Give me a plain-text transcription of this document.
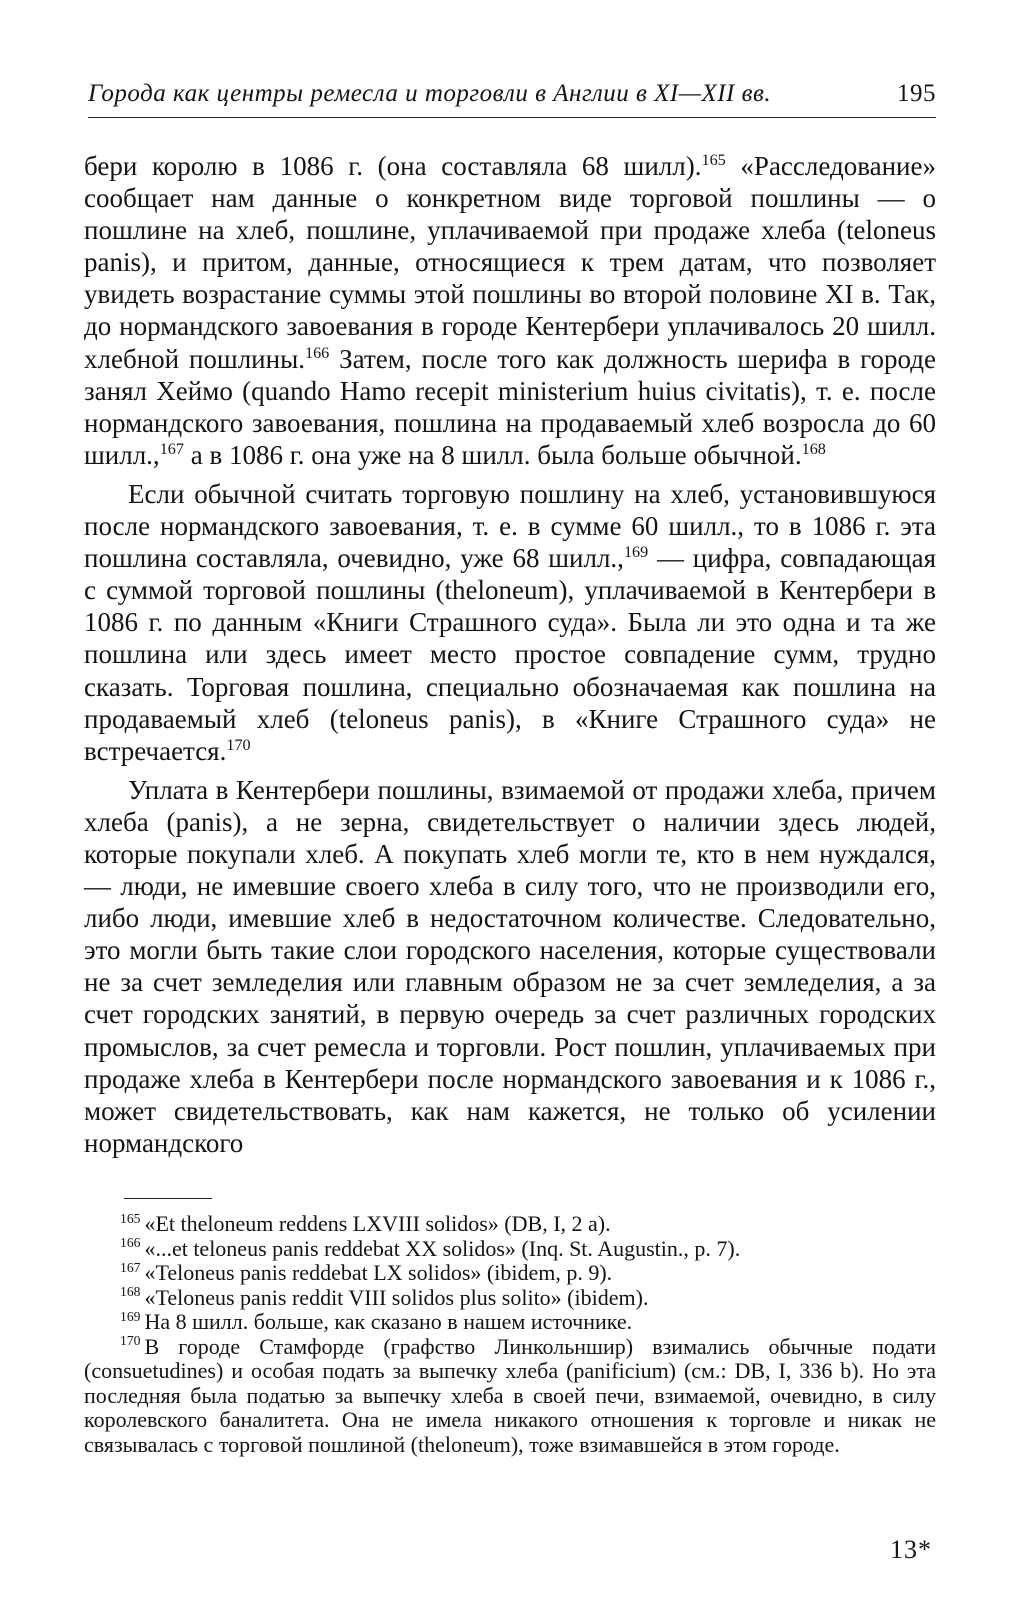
Города как центры ремесла и торговли в Англии в XI—XII вв.	195

бери королю в 1086 г. (она составляла 68 шилл).$^{165}$ «Расследование» сообщает нам данные о конкретном виде торговой пошлины — о пошлине на хлеб, пошлине, уплачиваемой при продаже хлеба (teloneus panis), и притом, данные, относящиеся к трем датам, что позволяет увидеть возрастание суммы этой пошлины во второй половине XI в. Так, до нормандского завоевания в городе Кентербери уплачивалось 20 шилл. хлебной пошлины.$^{166}$ Затем, после того как должность шерифа в городе занял Хеймо (quando Hamo recepit ministerium huius civitatis), т. е. после нормандского завоевания, пошлина на продаваемый хлеб возросла до 60 шилл.,$^{167}$ а в 1086 г. она уже на 8 шилл. была больше обычной.$^{168}$

Если обычной считать торговую пошлину на хлеб, установившуюся после нормандского завоевания, т. е. в сумме 60 шилл., то в 1086 г. эта пошлина составляла, очевидно, уже 68 шилл.,$^{169}$ — цифра, совпадающая с суммой торговой пошлины (theloneum), уплачиваемой в Кентербери в 1086 г. по данным «Книги Страшного суда». Была ли это одна и та же пошлина или здесь имеет место простое совпадение сумм, трудно сказать. Торговая пошлина, специально обозначаемая как пошлина на продаваемый хлеб (teloneus panis), в «Книге Страшного суда» не встречается.$^{170}$

Уплата в Кентербери пошлины, взимаемой от продажи хлеба, причем хлеба (panis), а не зерна, свидетельствует о наличии здесь людей, которые покупали хлеб. А покупать хлеб могли те, кто в нем нуждался, — люди, не имевшие своего хлеба в силу того, что не производили его, либо люди, имевшие хлеб в недостаточном количестве. Следовательно, это могли быть такие слои городского населения, которые существовали не за счет земледелия или главным образом не за счет земледелия, а за счет городских занятий, в первую очередь за счет различных городских промыслов, за счет ремесла и торговли. Рост пошлин, уплачиваемых при продаже хлеба в Кентербери после нормандского завоевания и к 1086 г., может свидетельствовать, как нам кажется, не только об усилении нормандского

$^{165}$ «Et theloneum reddens LXVIII solidos» (DB, I, 2 a).

$^{166}$ «...et teloneus panis reddebat XX solidos» (Inq. St. Augustin., p. 7).

$^{167}$ «Teloneus panis reddebat LX solidos» (ibidem, p. 9).

$^{168}$ «Teloneus panis reddit VIII solidos plus solito» (ibidem).

$^{169}$ На 8 шилл. больше, как сказано в нашем источнике.

$^{170}$ В городе Стамфорде (графство Линкольншир) взимались обычные подати (consuetudines) и особая подать за выпечку хлеба (panificium) (см.: DB, I, 336 b). Но эта последняя была податью за выпечку хлеба в своей печи, взимаемой, очевидно, в силу королевского баналитета. Она не имела никакого отношения к торговле и никак не связывалась с торговой пошлиной (theloneum), тоже взимавшейся в этом городе.

13*
